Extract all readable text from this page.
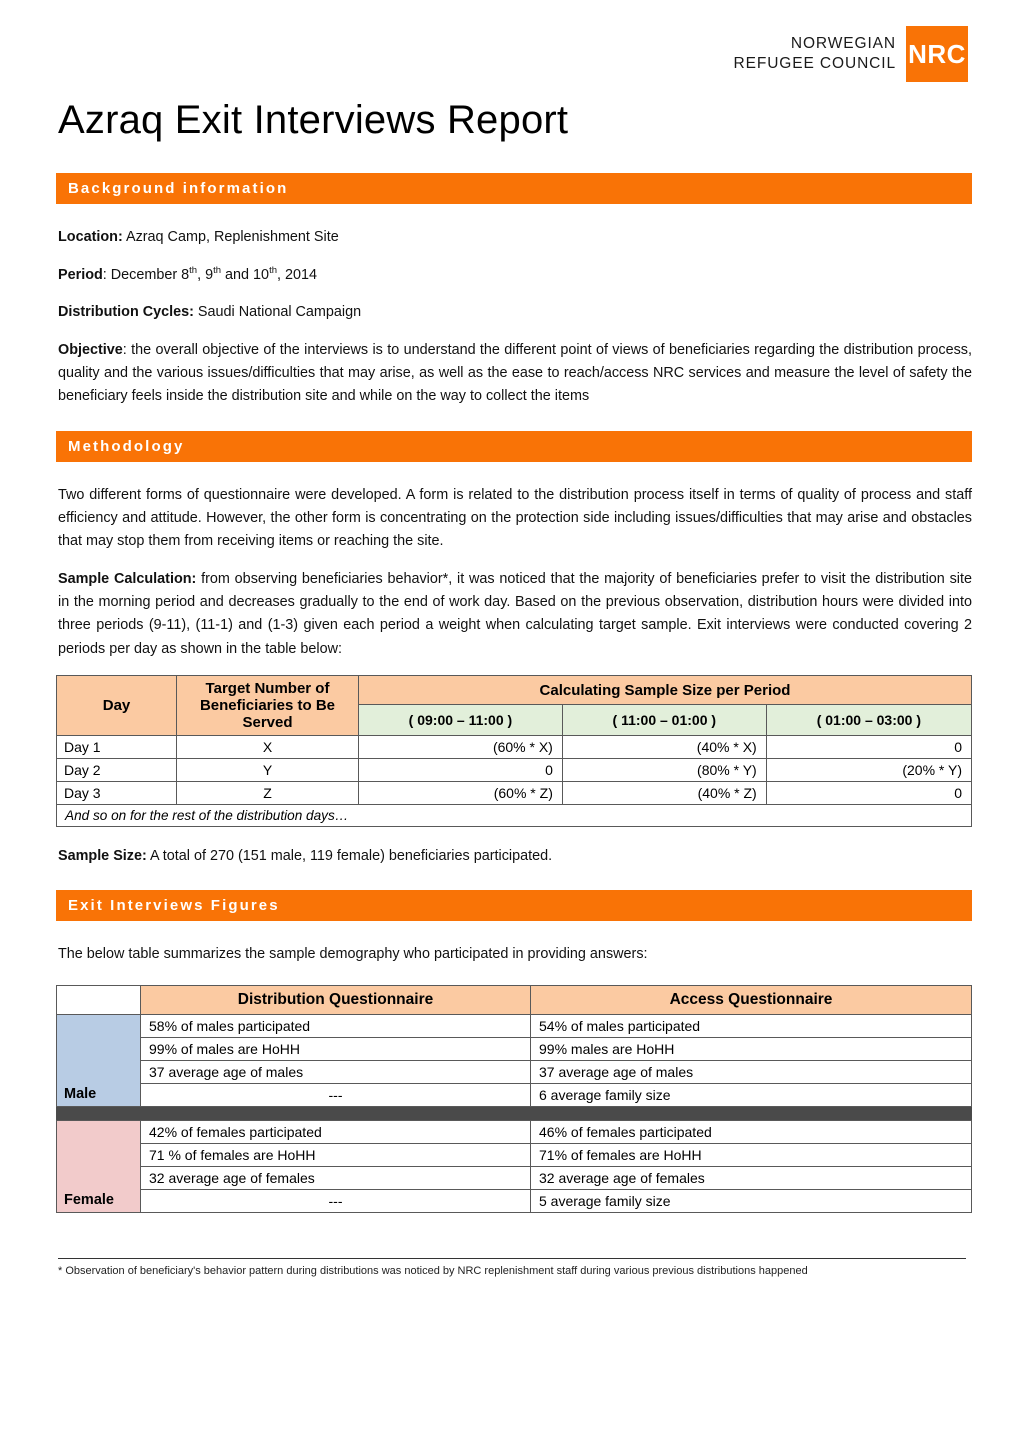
NORWEGIAN
REFUGEE COUNCIL NRC
Azraq Exit Interviews Report
Background information

Location: Azraq Camp, Replenishment Site

Period: December 8th, 9th and 10th, 2014

Distribution Cycles: Saudi National Campaign

Objective: the overall objective of the interviews is to understand the different point of views of beneficiaries regarding the distribution process, quality and the various issues/difficulties that may arise, as well as the ease to reach/access NRC services and measure the level of safety the beneficiary feels inside the distribution site and while on the way to collect the items

Methodology

Two different forms of questionnaire were developed. A form is related to the distribution process itself in terms of quality of process and staff efficiency and attitude. However, the other form is concentrating on the protection side including issues/difficulties that may arise and obstacles that may stop them from receiving items or reaching the site.

Sample Calculation: from observing beneficiaries behavior*, it was noticed that the majority of beneficiaries prefer to visit the distribution site in the morning period and decreases gradually to the end of work day. Based on the previous observation, distribution hours were divided into three periods (9-11), (11-1) and (1-3) given each period a weight when calculating target sample. Exit interviews were conducted covering 2 periods per day as shown in the table below:

Day	Target Number of Beneficiaries to Be Served	Calculating Sample Size per Period		
		( 09:00 – 11:00 )	( 11:00 – 01:00 )	( 01:00 – 03:00 )
Day 1	X	(60% * X)	(40% * X)	0
Day 2	Y	0	(80% * Y)	(20% * Y)
Day 3	Z	(60% * Z)	(40% * Z)	0
And so on for the rest of the distribution days…				

Sample Size: A total of 270 (151 male, 119 female) beneficiaries participated.

Exit Interviews Figures

The below table summarizes the sample demography who participated in providing answers:

	Distribution Questionnaire	Access Questionnaire
Male	58% of males participated	54% of males participated
	99% of males are HoHH	99% males are HoHH
	37 average age of males	37 average age of males
	---	6 average family size

Female	42% of females participated	46% of females participated
	71 % of females are HoHH	71% of females are HoHH
	32 average age of females	32 average age of females
	---	5 average family size

* Observation of beneficiary's behavior pattern during distributions was noticed by NRC replenishment staff during various previous distributions happened
